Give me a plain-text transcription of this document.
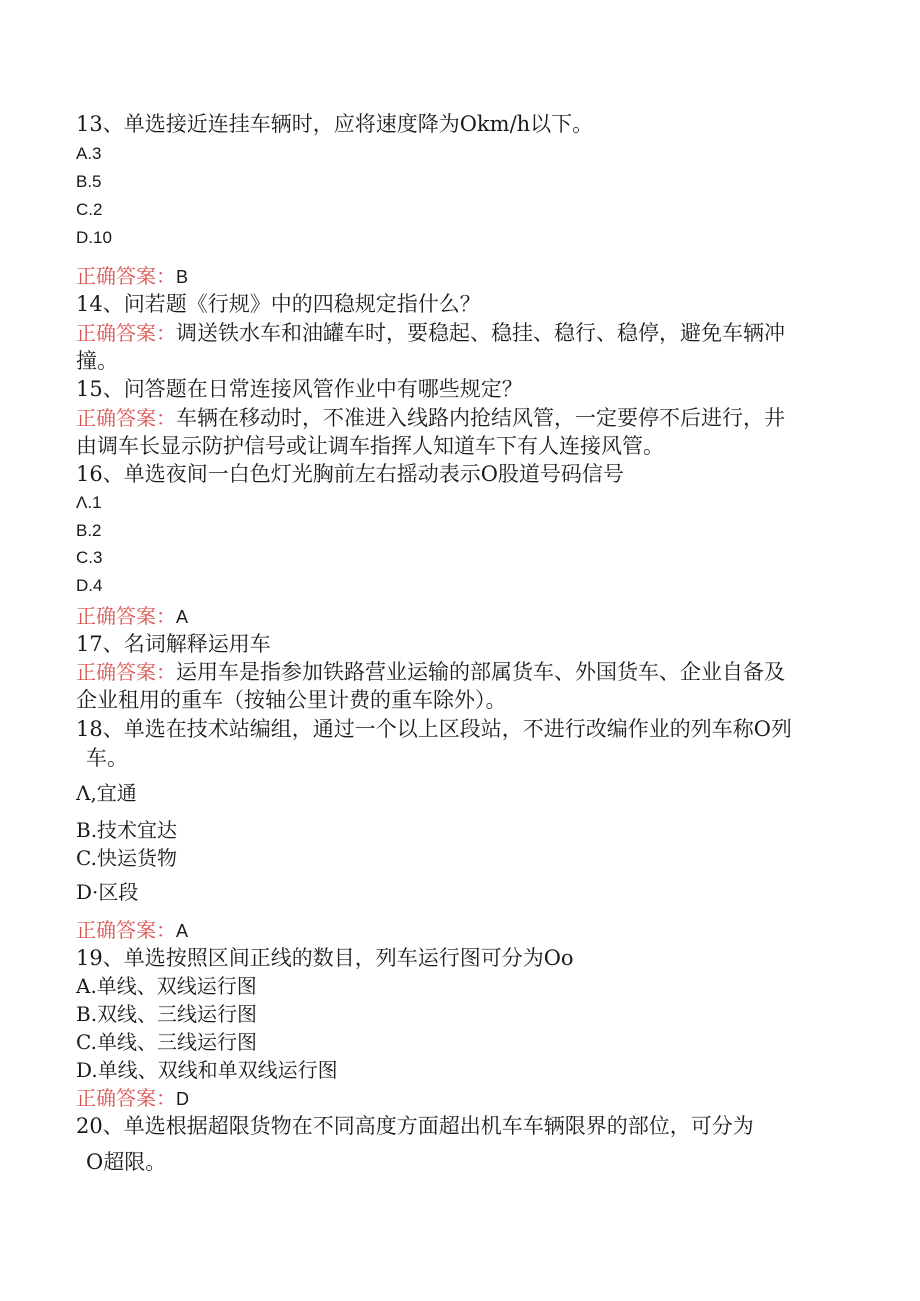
13、单选接近连挂车辆时，应将速度降为Okm/h以下。
A.3
B.5
C.2
D.10
正确答案：B
14、问若题《行规》中的四稳规定指什么？
正确答案：调送铁水车和油罐车时，要稳起、稳挂、稳行、稳停，避免车辆冲
撞。
15、问答题在日常连接风管作业中有哪些规定？
正确答案：车辆在移动时，不准进入线路内抢结风管，一定要停不后进行，井
由调车长显示防护信号或让调车指挥人知道车下有人连接风管。
16、单选夜间一白色灯光胸前左右摇动表示O股道号码信号
Λ.1
B.2
C.3
D.4
正确答案：A
17、名词解释运用车
正确答案：运用车是指参加铁路营业运输的部属货车、外国货车、企业自备及
企业租用的重车（按轴公里计费的重车除外）。
18、单选在技术站编组，通过一个以上区段站，不进行改编作业的列车称O列
车。
Λ,宜通
B.技术宜达
C.快运货物
D·区段
正确答案：A
19、单选按照区间正线的数目，列车运行图可分为Oo
A.单线、双线运行图
B.双线、三线运行图
C.单线、三线运行图
D.单线、双线和单双线运行图
正确答案：D
20、单选根据超限货物在不同高度方面超出机车车辆限界的部位，可分为
O超限。
